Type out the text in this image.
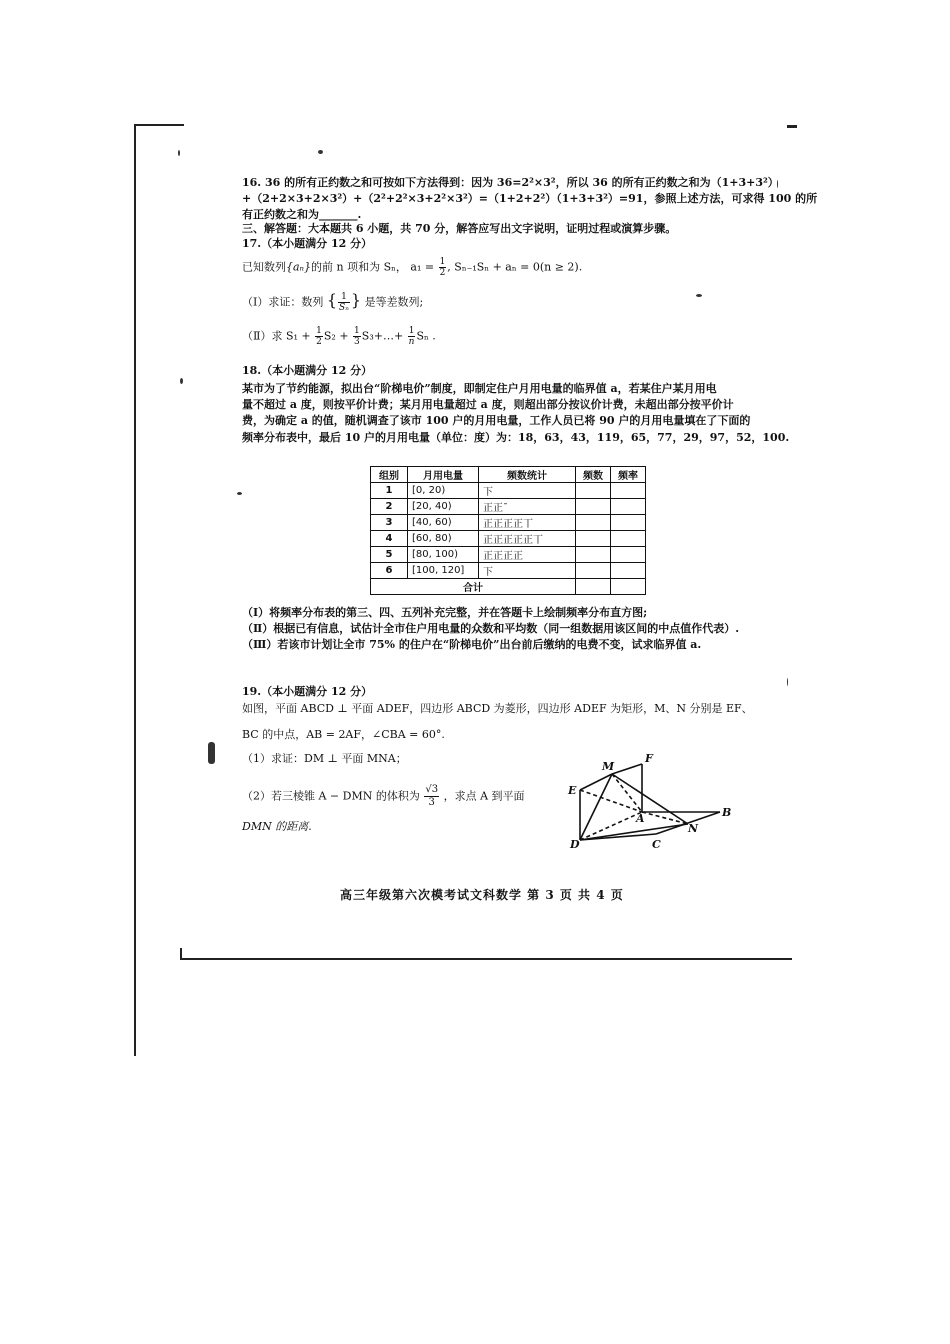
16. 36 的所有正约数之和可按如下方法得到：因为 36=2²×3²，所以 36 的所有正约数之和为（1+3+3²）
+（2+2×3+2×3²）+（2²+2²×3+2²×3²）=（1+2+2²）（1+3+3²）=91，参照上述方法，可求得 100 的所
有正约数之和为_______.
三、解答题：大本题共 6 小题，共 70 分，解答应写出文字说明，证明过程或演算步骤。
17.（本小题满分 12 分）
已知数列{aₙ}的前 n 项和为 Sₙ， $a_1 = \frac{1}{2}$ , Sₙ₋₁Sₙ + aₙ = 0(n ≥ 2).
（Ⅰ）求证：数列 { $\frac{1}{\text{Sₙ}}$ } 是等差数列;
（Ⅱ）求 $S_1 + \frac{1}{2} S_2 + \frac{1}{3}$ S₃+…+ $\frac{1}{n}$ Sₙ .
18.（本小题满分 12 分）
某市为了节约能源，拟出台“阶梯电价”制度，即制定住户月用电量的临界值 a，若某住户某月用电
量不超过 a 度，则按平价计费；某月用电量超过 a 度，则超出部分按议价计费，未超出部分按平价计
费，为确定 a 的值，随机调查了该市 100 户的月用电量，工作人员已将 90 户的月用电量填在了下面的
频率分布表中，最后 10 户的月用电量（单位：度）为：18，63，43，119，65，77，29，97，52，100.
组别	月用电量	频数统计	频数	频率
1	[0, 20)	下		
2	[20, 40)	正正ˉ		
3	[40, 60)	正正正正丅		
4	[60, 80)	正正正正正丅		
5	[80, 100)	正正正正		
6	[100, 120]	下		
合计				
（Ⅰ）将频率分布表的第三、四、五列补充完整，并在答题卡上绘制频率分布直方图;
（Ⅱ）根据已有信息，试估计全市住户用电量的众数和平均数（同一组数据用该区间的中点值作代表）.
（Ⅲ）若该市计划让全市 75% 的住户在“阶梯电价”出台前后缴纳的电费不变，试求临界值 a.
19.（本小题满分 12 分）
如图，平面 ABCD ⊥ 平面 ADEF，四边形 ABCD 为菱形，四边形 ADEF 为矩形，M、N 分别是 EF、
BC 的中点，AB = 2AF，∠CBA = 60°.
（1）求证：DM ⊥ 平面 MNA；
（2）若三棱锥 A − DMN 的体积为 $\frac{√3}{3}$ ，求点 A 到平面
DMN 的距离.
M
F
E
A	B
N
D	C
高三年级第六次模考试文科数学 第 3 页 共 4 页
